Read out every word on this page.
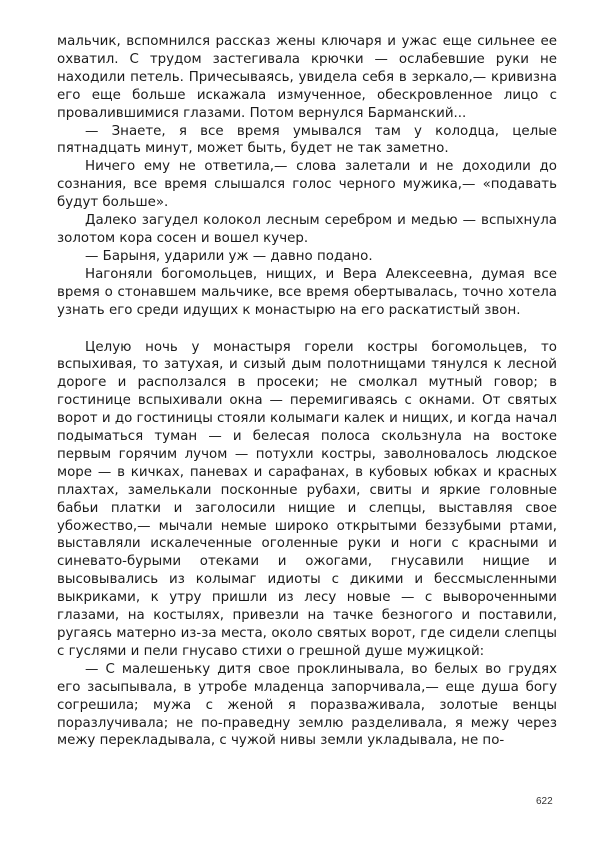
мальчик, вспомнился рассказ жены ключаря и ужас еще сильнее ее охватил. С трудом застегивала крючки — ослабевшие руки не находили петель. Причесываясь, увидела себя в зеркало,— кривизна его еще больше искажала измученное, обескровленное лицо с провалившимися глазами. Потом вернулся Барманский...

— Знаете, я все время умывался там у колодца, целые пятнадцать минут, может быть, будет не так заметно.

Ничего ему не ответила,— слова залетали и не доходили до сознания, все время слышался голос черного мужика,— «подавать будут больше».

Далеко загудел колокол лесным серебром и медью — вспыхнула золотом кора сосен и вошел кучер.

— Барыня, ударили уж — давно подано.

Нагоняли богомольцев, нищих, и Вера Алексеевна, думая все время о стонавшем мальчике, все время обертывалась, точно хотела узнать его среди идущих к монастырю на его раскатистый звон.

Целую ночь у монастыря горели костры богомольцев, то вспыхивая, то затухая, и сизый дым полотнищами тянулся к лесной дороге и расползался в просеки; не смолкал мутный говор; в гостинице вспыхивали окна — перемигиваясь с окнами. От святых ворот и до гостиницы стояли колымаги калек и нищих, и когда начал подыматься туман — и белесая полоса скользнула на востоке первым горячим лучом — потухли костры, заволновалось людское море — в кичках, паневах и сарафанах, в кубовых юбках и красных плахтах, замелькали посконные рубахи, свиты и яркие головные бабьи платки и заголосили нищие и слепцы, выставляя свое убожество,— мычали немые широко открытыми беззубыми ртами, выставляли искалеченные оголенные руки и ноги с красными и синевато-бурыми отеками и ожогами, гнусавили нищие и высовывались из колымаг идиоты с дикими и бессмысленными выкриками, к утру пришли из лесу новые — с вывороченными глазами, на костылях, привезли на тачке безногого и поставили, ругаясь матерно из-за места, около святых ворот, где сидели слепцы с гуслями и пели гнусаво стихи о грешной душе мужицкой:

— С малешеньку дитя свое проклинывала, во белых во грудях его засыпывала, в утробе младенца запорчивала,— еще душа богу согрешила; мужа с женой я поразваживала, золотые венцы поразлучивала; не по-праведну землю разделивала, я межу через межу перекладывала, с чужой нивы земли укладывала, не по-

622
